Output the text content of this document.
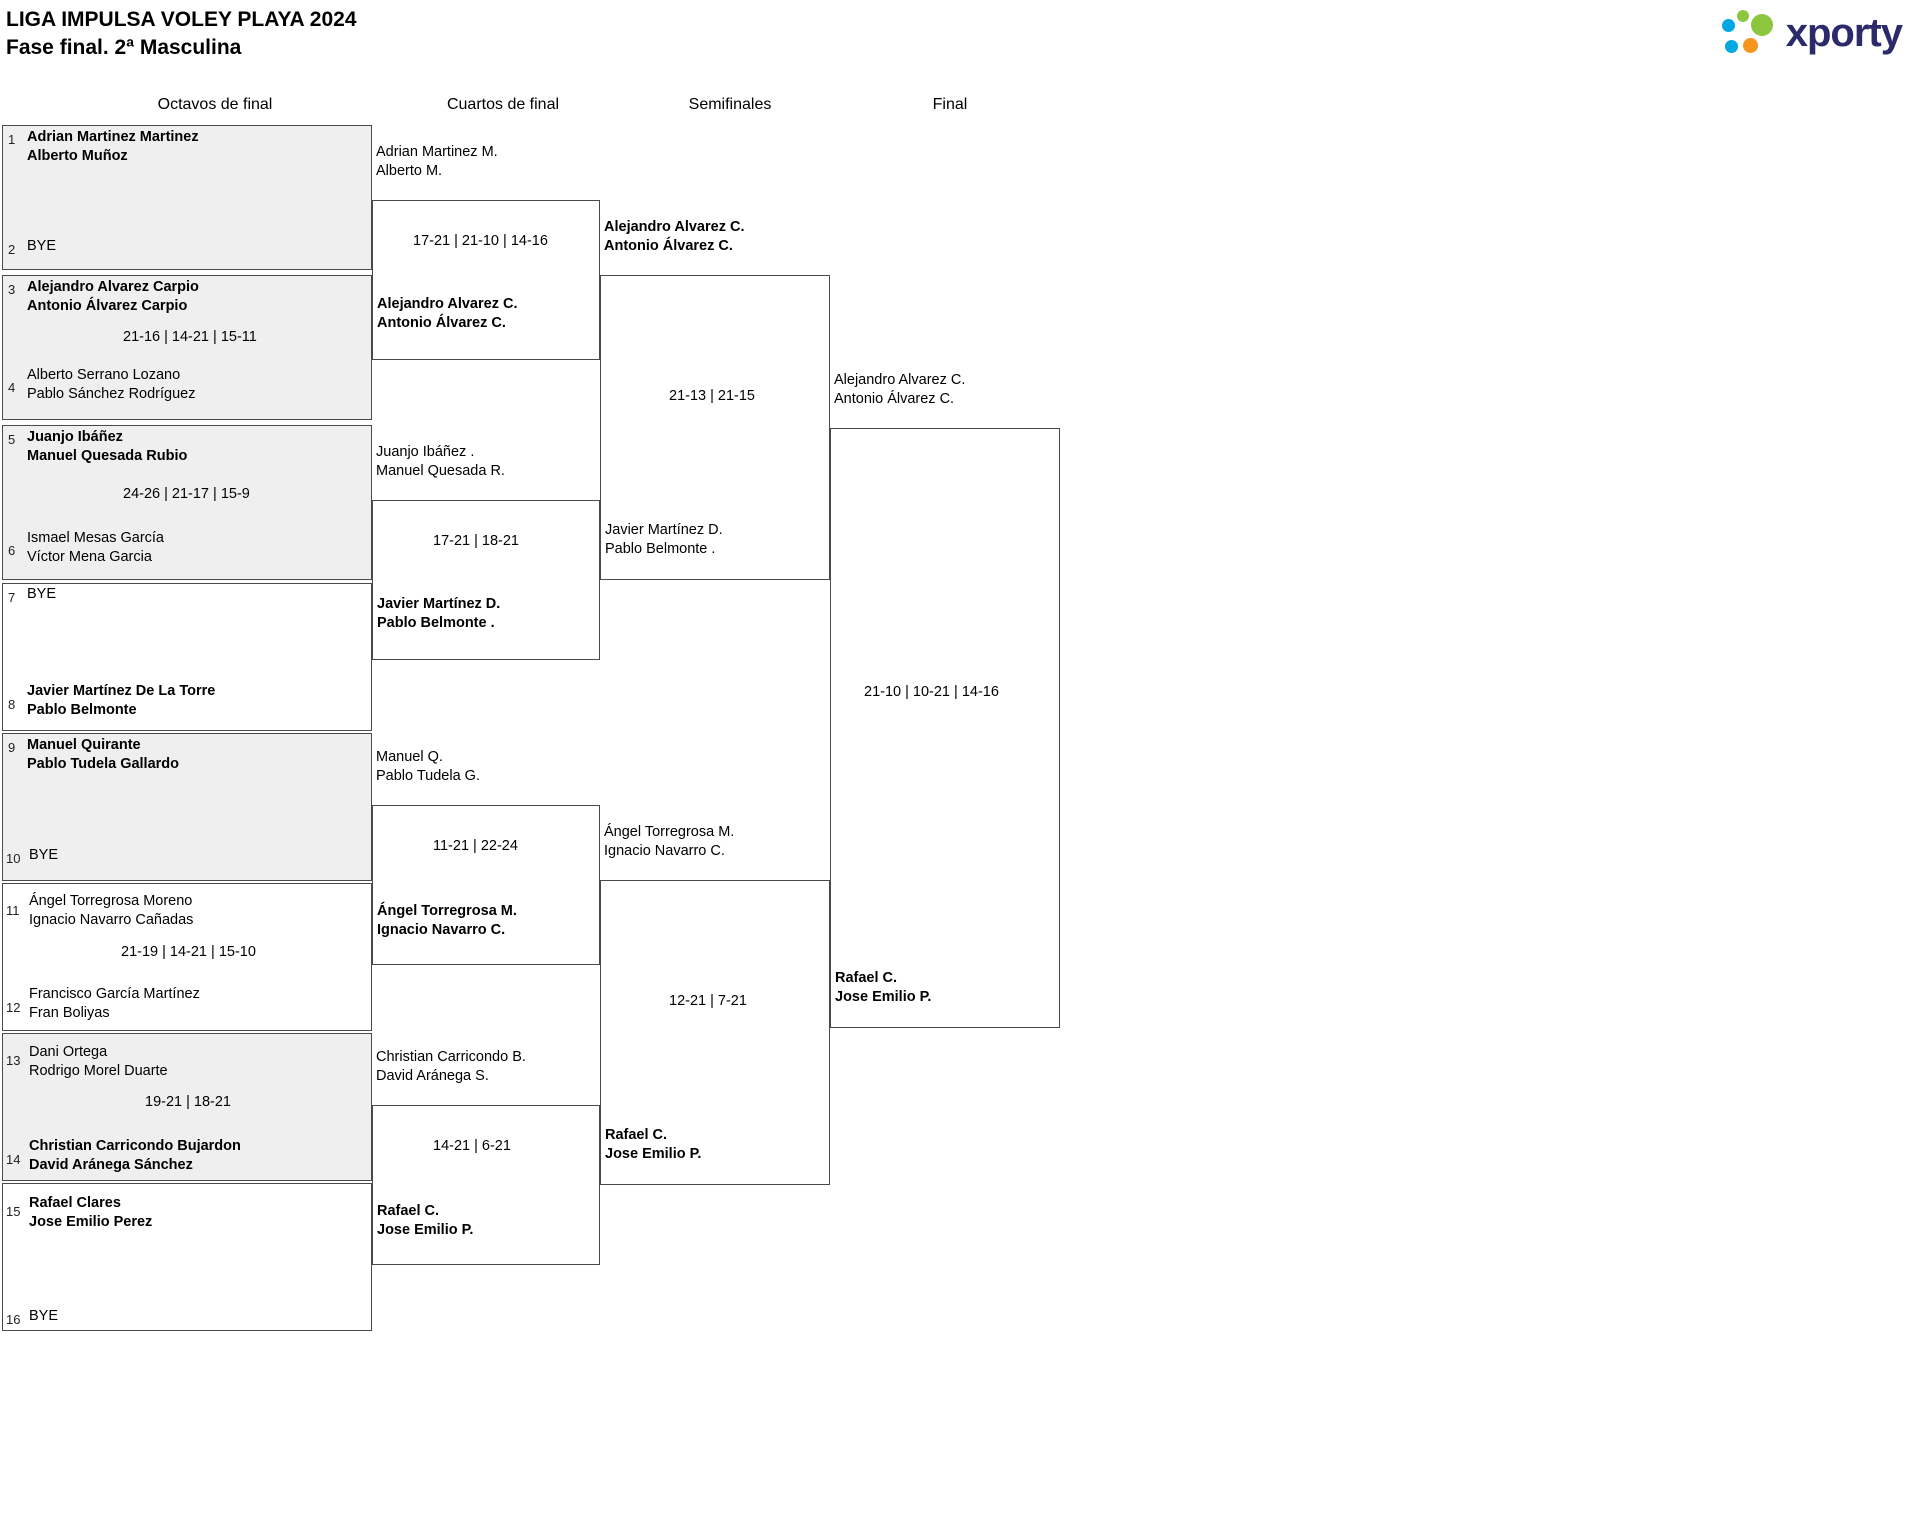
LIGA IMPULSA VOLEY PLAYA 2024
Fase final. 2ª Masculina	xporty
Octavos de final	Cuartos de final	Semifinales	Final
1
2
Adrian Martinez Martinez
Alberto Muñoz
BYE
3
4
Alejandro Alvarez Carpio
Antonio Álvarez Carpio
21-16 | 14-21 | 15-11
Alberto Serrano Lozano
Pablo Sánchez Rodríguez
5
6
Juanjo Ibáñez
Manuel Quesada Rubio
24-26 | 21-17 | 15-9
Ismael Mesas García
Víctor Mena Garcia
7
8
BYE
Javier Martínez De La Torre
Pablo Belmonte
9
10
Manuel Quirante
Pablo Tudela Gallardo
BYE
11
12
Ángel Torregrosa Moreno
Ignacio Navarro Cañadas
21-19 | 14-21 | 15-10
Francisco García Martínez
Fran Boliyas
13
14
Dani Ortega
Rodrigo Morel Duarte
19-21 | 18-21
Christian Carricondo Bujardon
David Aránega Sánchez
15
16
Rafael Clares
Jose Emilio Perez
BYE
Adrian Martinez M.
Alberto M.
17-21 | 21-10 | 14-16
Alejandro Alvarez C.
Antonio Álvarez C.
Juanjo Ibáñez .
Manuel Quesada R.
17-21 | 18-21
Javier Martínez D.
Pablo Belmonte .
Manuel Q.
Pablo Tudela G.
11-21 | 22-24
Ángel Torregrosa M.
Ignacio Navarro C.
Christian Carricondo B.
David Aránega S.
14-21 | 6-21
Rafael C.
Jose Emilio P.
Alejandro Alvarez C.
Antonio Álvarez C.
21-13 | 21-15
Javier Martínez D.
Pablo Belmonte .
Ángel Torregrosa M.
Ignacio Navarro C.
12-21 | 7-21
Rafael C.
Jose Emilio P.
Alejandro Alvarez C.
Antonio Álvarez C.
21-10 | 10-21 | 14-16
Rafael C.
Jose Emilio P.
